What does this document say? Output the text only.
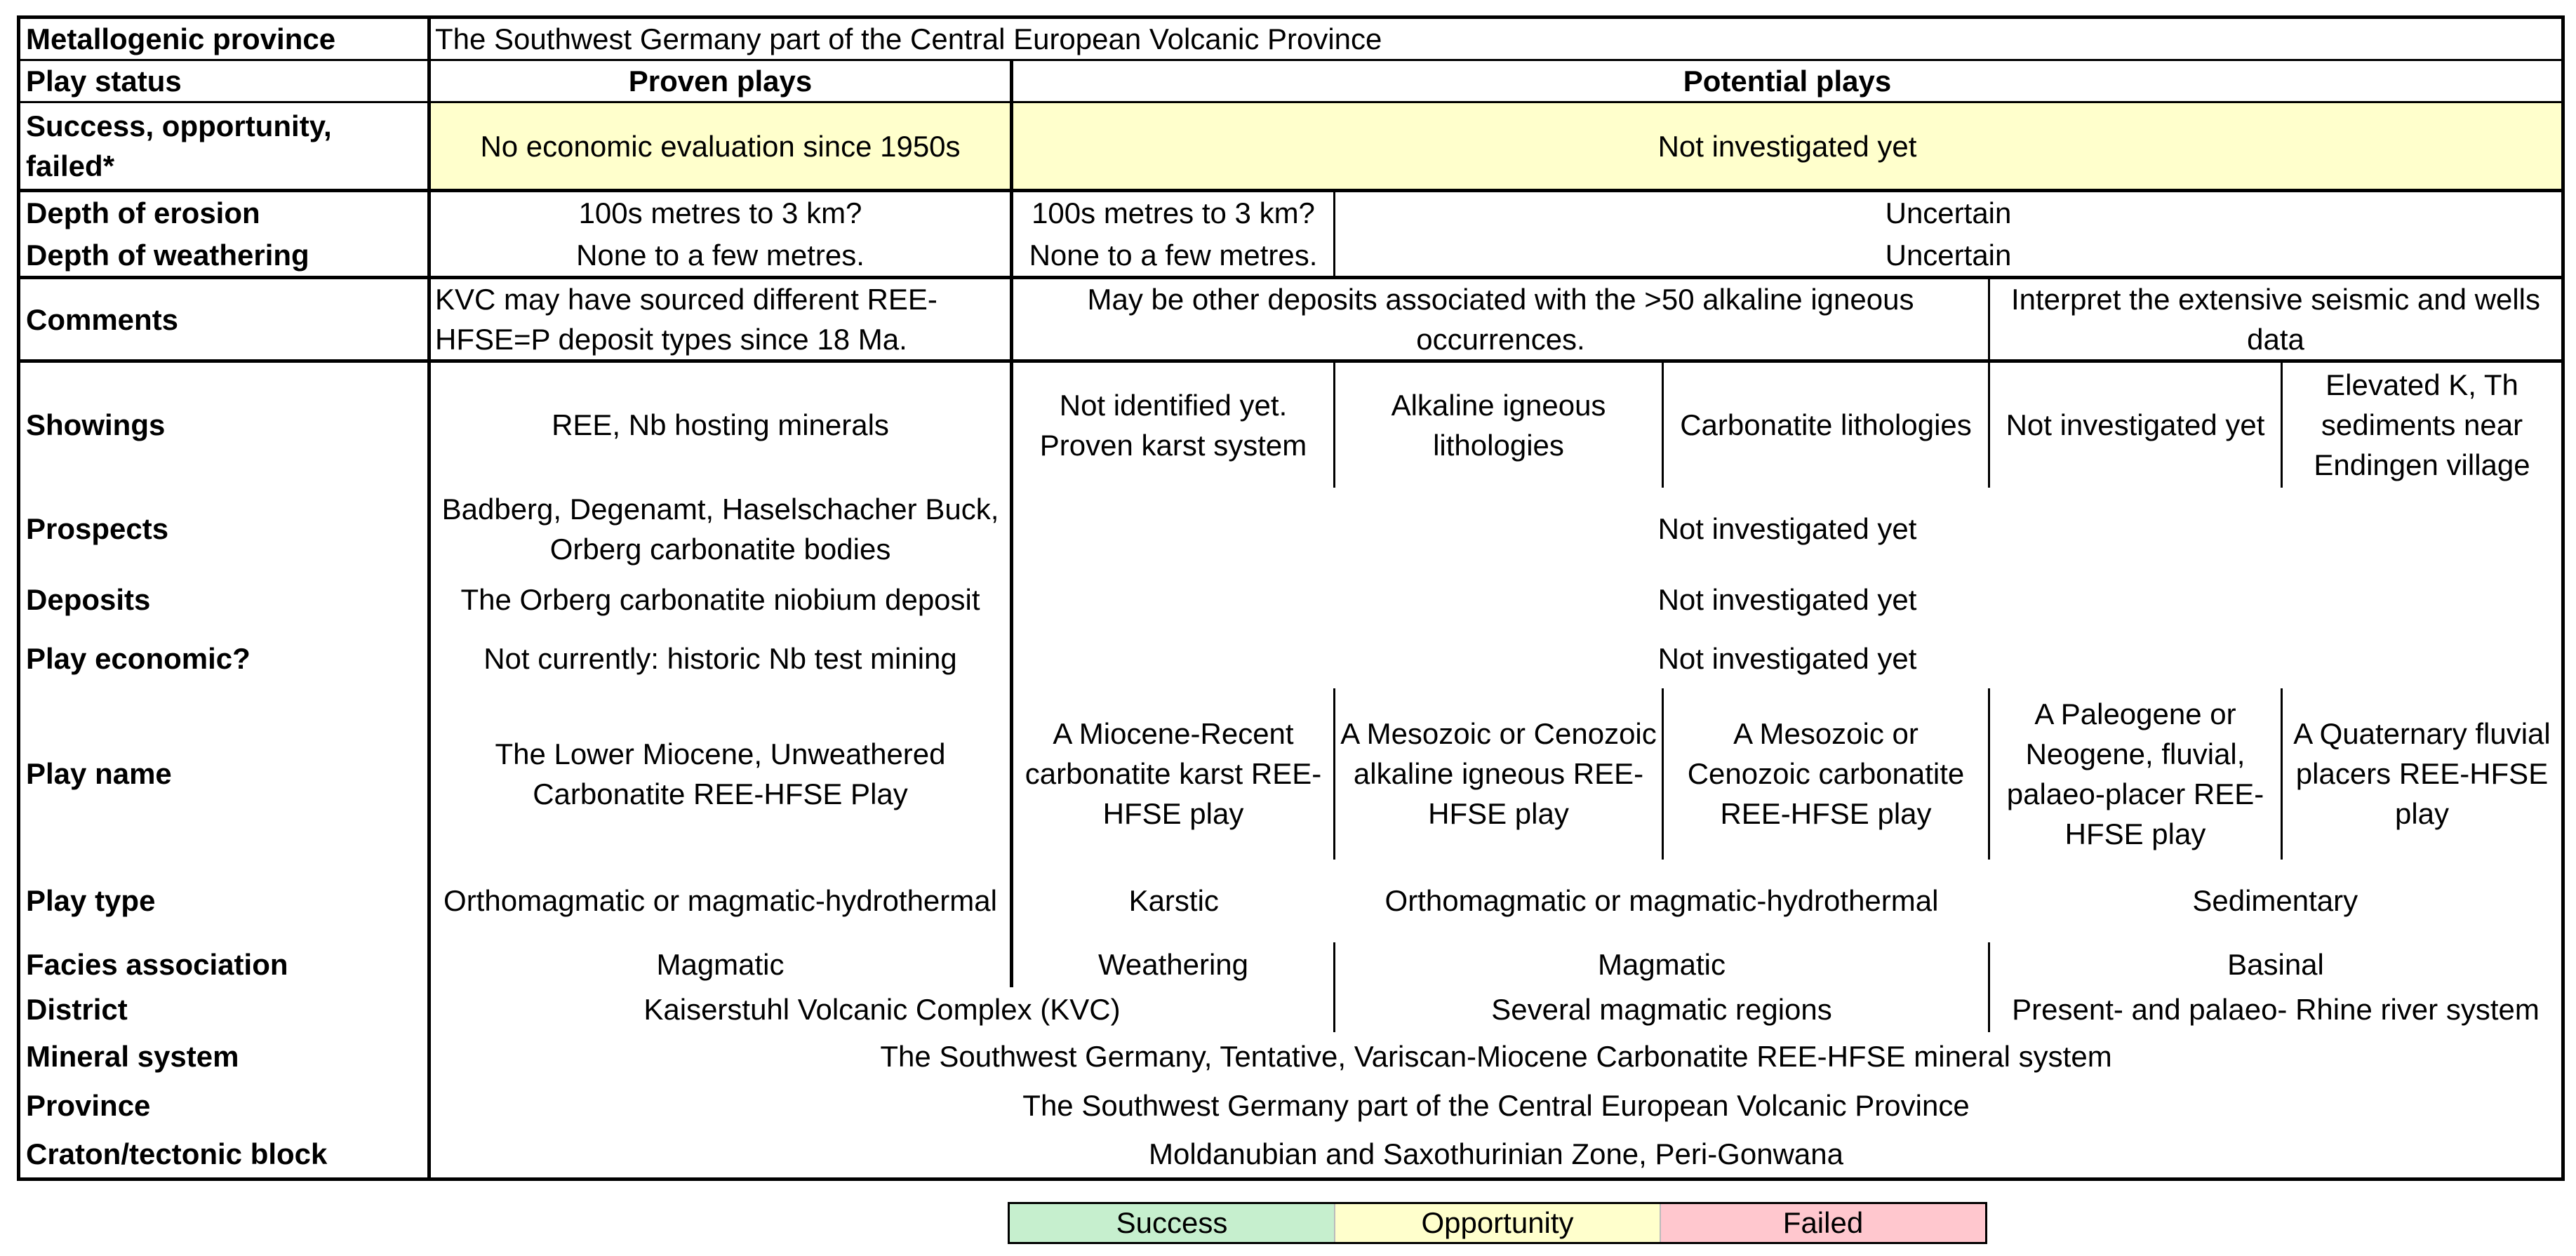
Metallogenic province	The Southwest Germany part of the Central European Volcanic Province					
Play status	Proven plays	Potential plays				
Success, opportunity, failed*	No economic evaluation since 1950s	Not investigated yet				
Depth of erosion	100s metres to 3 km?	100s metres to 3 km?	Uncertain			
Depth of weathering	None to a few metres.	None to a few metres.	Uncertain			
Comments	KVC may have sourced different REE-HFSE=P deposit types since 18 Ma.	May be other deposits associated with the >50 alkaline igneous occurrences.			Interpret the extensive seismic and wells data	
Showings	REE, Nb hosting minerals	Not identified yet. Proven karst system	Alkaline igneous lithologies	Carbonatite lithologies	Not investigated yet	Elevated K, Th sediments near Endingen village
Prospects	Badberg, Degenamt, Haselschacher Buck, Orberg carbonatite bodies	Not investigated yet				
Deposits	The Orberg carbonatite niobium deposit	Not investigated yet				
Play economic?	Not currently: historic Nb test mining	Not investigated yet				
Play name	The Lower Miocene, Unweathered Carbonatite REE-HFSE Play	A Miocene-Recent carbonatite karst REE-HFSE play	A Mesozoic or Cenozoic alkaline igneous REE-HFSE play	A Mesozoic or Cenozoic carbonatite REE-HFSE play	A Paleogene or Neogene, fluvial, palaeo-placer REE-HFSE play	A Quaternary fluvial placers REE-HFSE play
Play type	Orthomagmatic or magmatic-hydrothermal	Karstic	Orthomagmatic or magmatic-hydrothermal		Sedimentary	
Facies association	Magmatic	Weathering	Magmatic		Basinal	
District	Kaiserstuhl Volcanic Complex (KVC)		Several magmatic regions		Present- and palaeo- Rhine river system	
Mineral system	The Southwest Germany, Tentative, Variscan-Miocene Carbonatite REE-HFSE mineral system					
Province	The Southwest Germany part of the Central European Volcanic Province					
Craton/tectonic block	Moldanubian and Saxothurinian Zone, Peri-Gonwana					
Success	Opportunity	Failed
